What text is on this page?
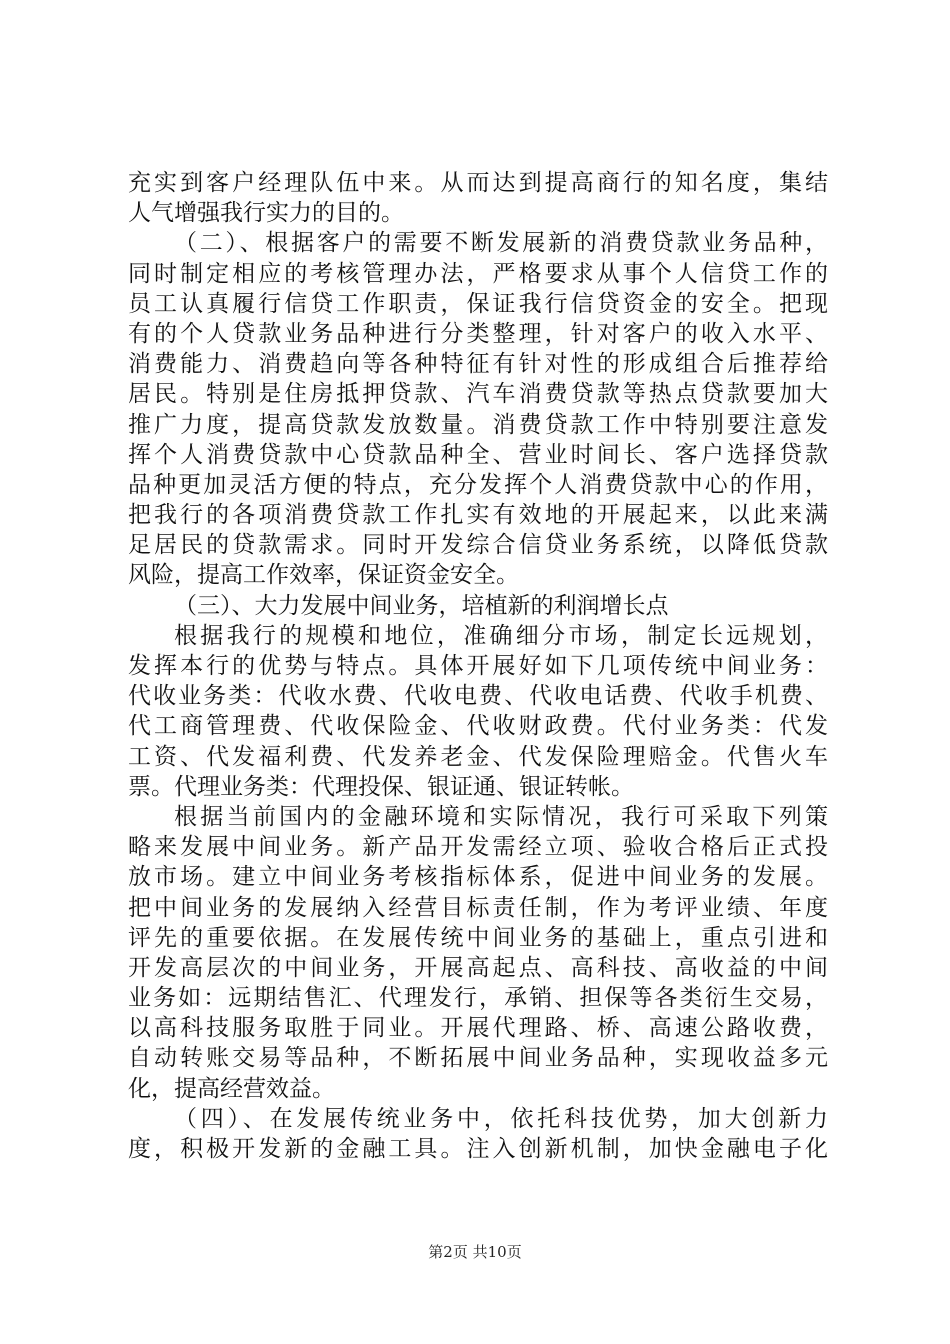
充实到客户经理队伍中来。从而达到提高商行的知名度，集结
人气增强我行实力的目的。
（二）、根据客户的需要不断发展新的消费贷款业务品种，
同时制定相应的考核管理办法，严格要求从事个人信贷工作的
员工认真履行信贷工作职责，保证我行信贷资金的安全。把现
有的个人贷款业务品种进行分类整理，针对客户的收入水平、
消费能力、消费趋向等各种特征有针对性的形成组合后推荐给
居民。特别是住房抵押贷款、汽车消费贷款等热点贷款要加大
推广力度，提高贷款发放数量。消费贷款工作中特别要注意发
挥个人消费贷款中心贷款品种全、营业时间长、客户选择贷款
品种更加灵活方便的特点，充分发挥个人消费贷款中心的作用，
把我行的各项消费贷款工作扎实有效地的开展起来，以此来满
足居民的贷款需求。同时开发综合信贷业务系统，以降低贷款
风险，提高工作效率，保证资金安全。
（三）、大力发展中间业务，培植新的利润增长点
根据我行的规模和地位，准确细分市场，制定长远规划，
发挥本行的优势与特点。具体开展好如下几项传统中间业务：
代收业务类：代收水费、代收电费、代收电话费、代收手机费、
代工商管理费、代收保险金、代收财政费。代付业务类：代发
工资、代发福利费、代发养老金、代发保险理赔金。代售火车
票。代理业务类：代理投保、银证通、银证转帐。
根据当前国内的金融环境和实际情况，我行可采取下列策
略来发展中间业务。新产品开发需经立项、验收合格后正式投
放市场。建立中间业务考核指标体系，促进中间业务的发展。
把中间业务的发展纳入经营目标责任制，作为考评业绩、年度
评先的重要依据。在发展传统中间业务的基础上，重点引进和
开发高层次的中间业务，开展高起点、高科技、高收益的中间
业务如：远期结售汇、代理发行，承销、担保等各类衍生交易，
以高科技服务取胜于同业。开展代理路、桥、高速公路收费，
自动转账交易等品种，不断拓展中间业务品种，实现收益多元
化，提高经营效益。
（四）、在发展传统业务中，依托科技优势，加大创新力
度，积极开发新的金融工具。注入创新机制，加快金融电子化
第2页 共10页
